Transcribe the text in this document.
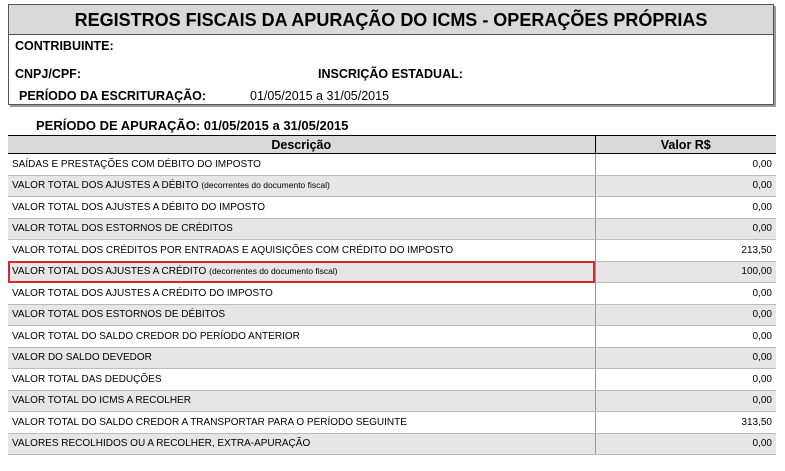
REGISTROS FISCAIS DA APURAÇÃO DO ICMS - OPERAÇÕES PRÓPRIAS
CONTRIBUINTE:
CNPJ/CPF:	INSCRIÇÃO ESTADUAL:
PERÍODO DA ESCRITURAÇÃO:	01/05/2015 a 31/05/2015
PERÍODO DE APURAÇÃO: 01/05/2015 a 31/05/2015
Descrição	Valor R$
SAÍDAS E PRESTAÇÕES COM DÉBITO DO IMPOSTO	0,00
VALOR TOTAL DOS AJUSTES A DÉBITO (decorrentes do documento fiscal)	0,00
VALOR TOTAL DOS AJUSTES A DÉBITO DO IMPOSTO	0,00
VALOR TOTAL DOS ESTORNOS DE CRÉDITOS	0,00
VALOR TOTAL DOS CRÉDITOS POR ENTRADAS E AQUISIÇÕES COM CRÉDITO DO IMPOSTO	213,50
VALOR TOTAL DOS AJUSTES A CRÉDITO (decorrentes do documento fiscal)	100,00
VALOR TOTAL DOS AJUSTES A CRÉDITO DO IMPOSTO	0,00
VALOR TOTAL DOS ESTORNOS DE DÉBITOS	0,00
VALOR TOTAL DO SALDO CREDOR DO PERÍODO ANTERIOR	0,00
VALOR DO SALDO DEVEDOR	0,00
VALOR TOTAL DAS DEDUÇÕES	0,00
VALOR TOTAL DO ICMS A RECOLHER	0,00
VALOR TOTAL DO SALDO CREDOR A TRANSPORTAR PARA O PERÍODO SEGUINTE	313,50
VALORES RECOLHIDOS OU A RECOLHER, EXTRA-APURAÇÃO	0,00
